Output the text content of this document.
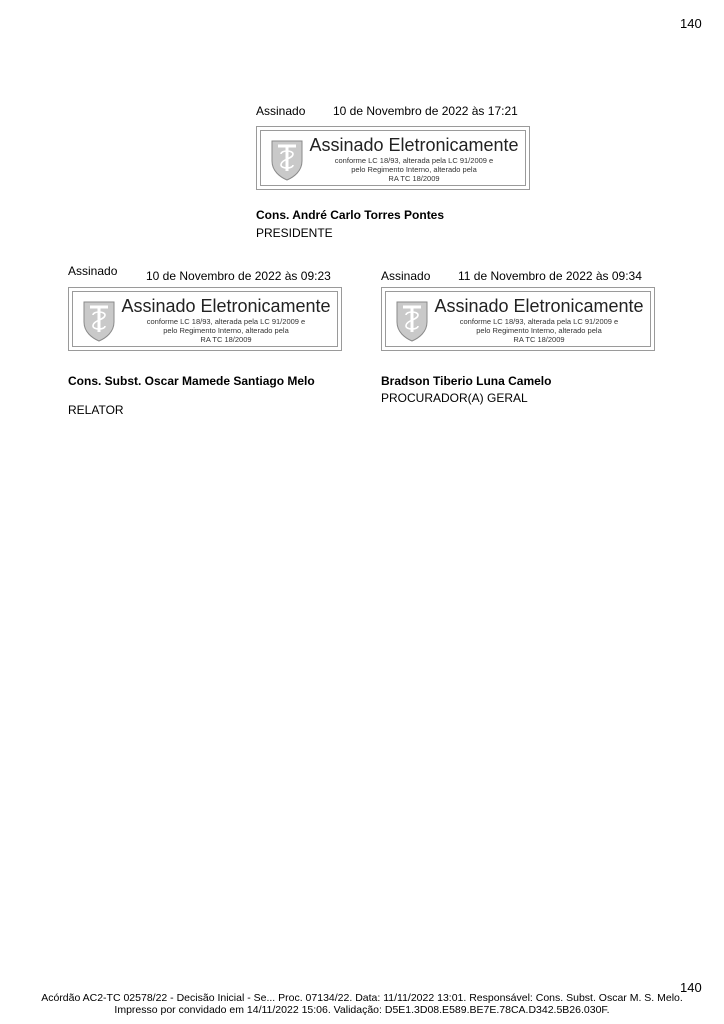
140
Assinado 10 de Novembro de 2022 às 17:21
Assinado Eletronicamente
conforme LC 18/93, alterada pela LC 91/2009 e
pelo Regimento Interno, alterado pela
RA TC 18/2009
Cons. André Carlo Torres Pontes
PRESIDENTE
Assinado 10 de Novembro de 2022 às 09:23
Assinado Eletronicamente
conforme LC 18/93, alterada pela LC 91/2009 e
pelo Regimento Interno, alterado pela
RA TC 18/2009
Cons. Subst. Oscar Mamede Santiago Melo
RELATOR
Assinado 11 de Novembro de 2022 às 09:34
Assinado Eletronicamente
conforme LC 18/93, alterada pela LC 91/2009 e
pelo Regimento Interno, alterado pela
RA TC 18/2009
Bradson Tiberio Luna Camelo
PROCURADOR(A) GERAL
140
Acórdão AC2-TC 02578/22 - Decisão Inicial - Se... Proc. 07134/22. Data: 11/11/2022 13:01. Responsável: Cons. Subst. Oscar M. S. Melo.
Impresso por convidado em 14/11/2022 15:06. Validação: D5E1.3D08.E589.BE7E.78CA.D342.5B26.030F.
